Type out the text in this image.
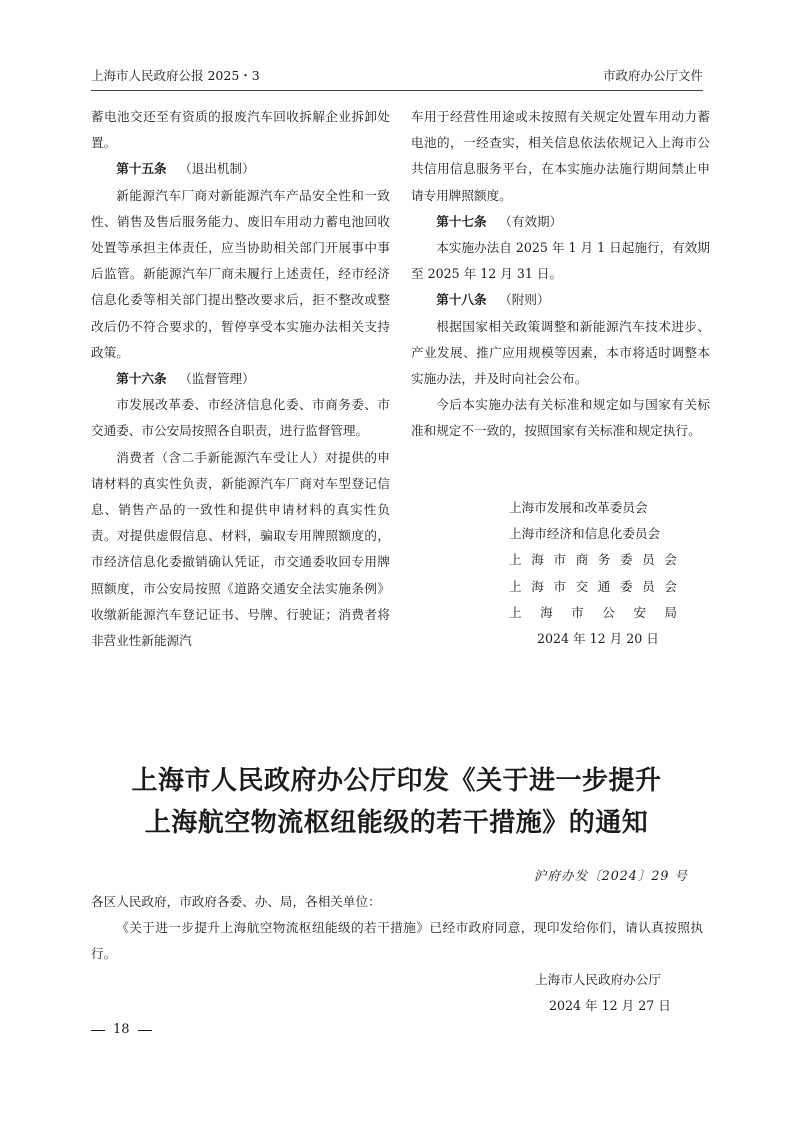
上海市人民政府公报 2025・3	市政府办公厅文件

蓄电池交还至有资质的报废汽车回收拆解企业拆卸处置。

第十五条 （退出机制）

新能源汽车厂商对新能源汽车产品安全性和一致性、销售及售后服务能力、废旧车用动力蓄电池回收处置等承担主体责任，应当协助相关部门开展事中事后监管。新能源汽车厂商未履行上述责任，经市经济信息化委等相关部门提出整改要求后，拒不整改或整改后仍不符合要求的，暂停享受本实施办法相关支持政策。

第十六条 （监督管理）

市发展改革委、市经济信息化委、市商务委、市交通委、市公安局按照各自职责，进行监督管理。

消费者（含二手新能源汽车受让人）对提供的申请材料的真实性负责，新能源汽车厂商对车型登记信息、销售产品的一致性和提供申请材料的真实性负责。对提供虚假信息、材料，骗取专用牌照额度的，市经济信息化委撤销确认凭证，市交通委收回专用牌照额度，市公安局按照《道路交通安全法实施条例》收缴新能源汽车登记证书、号牌、行驶证；消费者将非营业性新能源汽

车用于经营性用途或未按照有关规定处置车用动力蓄电池的，一经查实，相关信息依法依规记入上海市公共信用信息服务平台，在本实施办法施行期间禁止申请专用牌照额度。

第十七条 （有效期）

本实施办法自 2025 年 1 月 1 日起施行，有效期至 2025 年 12 月 31 日。

第十八条 （附则）

根据国家相关政策调整和新能源汽车技术进步、产业发展、推广应用规模等因素，本市将适时调整本实施办法，并及时向社会公布。

今后本实施办法有关标准和规定如与国家有关标准和规定不一致的，按照国家有关标准和规定执行。

上海市发展和改革委员会
上海市经济和信息化委员会
上 海 市 商 务 委 员 会
上 海 市 交 通 委 员 会
上 海 市 公 安 局
2024 年 12 月 20 日
上海市人民政府办公厅印发《关于进一步提升
上海航空物流枢纽能级的若干措施》的通知
沪府办发〔2024〕29 号
各区人民政府，市政府各委、办、局，各相关单位：
《关于进一步提升上海航空物流枢纽能级的若干措施》已经市政府同意，现印发给你们，请认真按照执行。
上海市人民政府办公厅
2024 年 12 月 27 日
18
